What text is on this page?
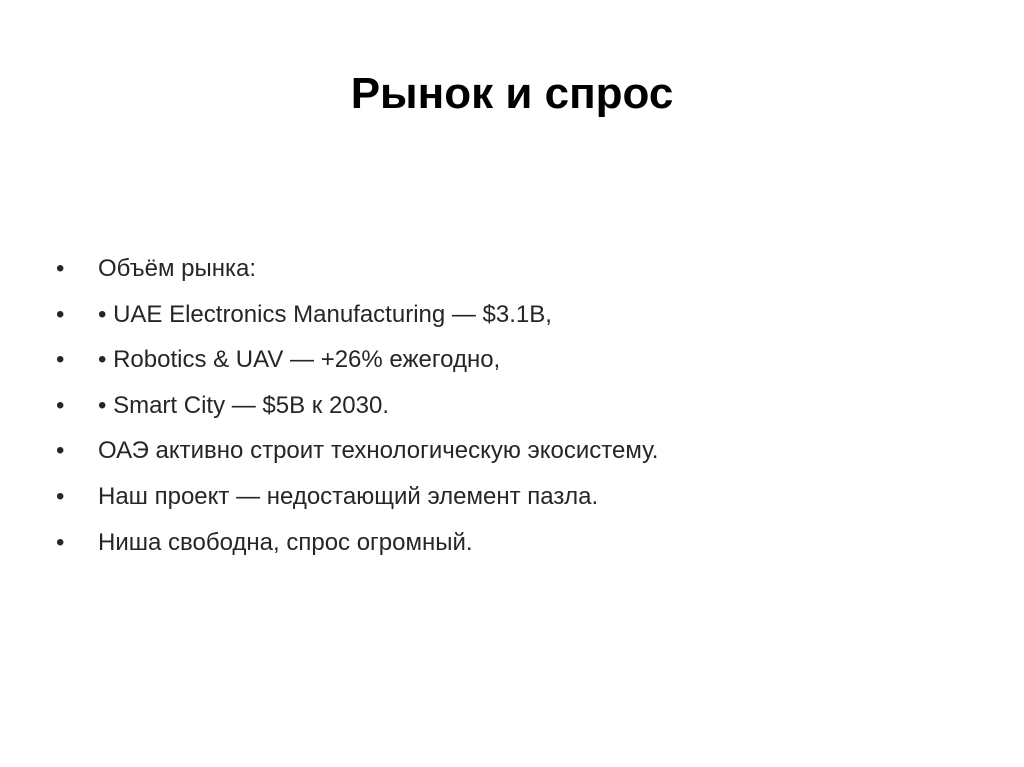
Рынок и спрос
•	Объём рынка:
•	• UAE Electronics Manufacturing — $3.1B,
•	• Robotics & UAV — +26% ежегодно,
•	• Smart City — $5B к 2030.
•	ОАЭ активно строит технологическую экосистему.
•	Наш проект — недостающий элемент пазла.
•	Ниша свободна, спрос огромный.
